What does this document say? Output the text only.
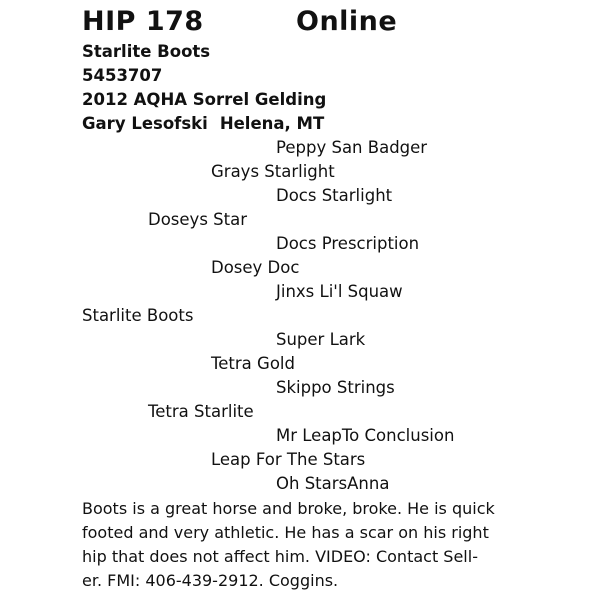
HIP 178	Online
Starlite Boots
5453707
2012 AQHA Sorrel Gelding
Gary Lesofski Helena, MT
Peppy San Badger
Grays Starlight
Docs Starlight
Doseys Star
Docs Prescription
Dosey Doc
Jinxs Li'l Squaw
Starlite Boots
Super Lark
Tetra Gold
Skippo Strings
Tetra Starlite
Mr LeapTo Conclusion
Leap For The Stars
Oh StarsAnna
Boots is a great horse and broke, broke. He is quick
footed and very athletic. He has a scar on his right
hip that does not affect him. VIDEO: Contact Sell-
er. FMI: 406-439-2912. Coggins.
